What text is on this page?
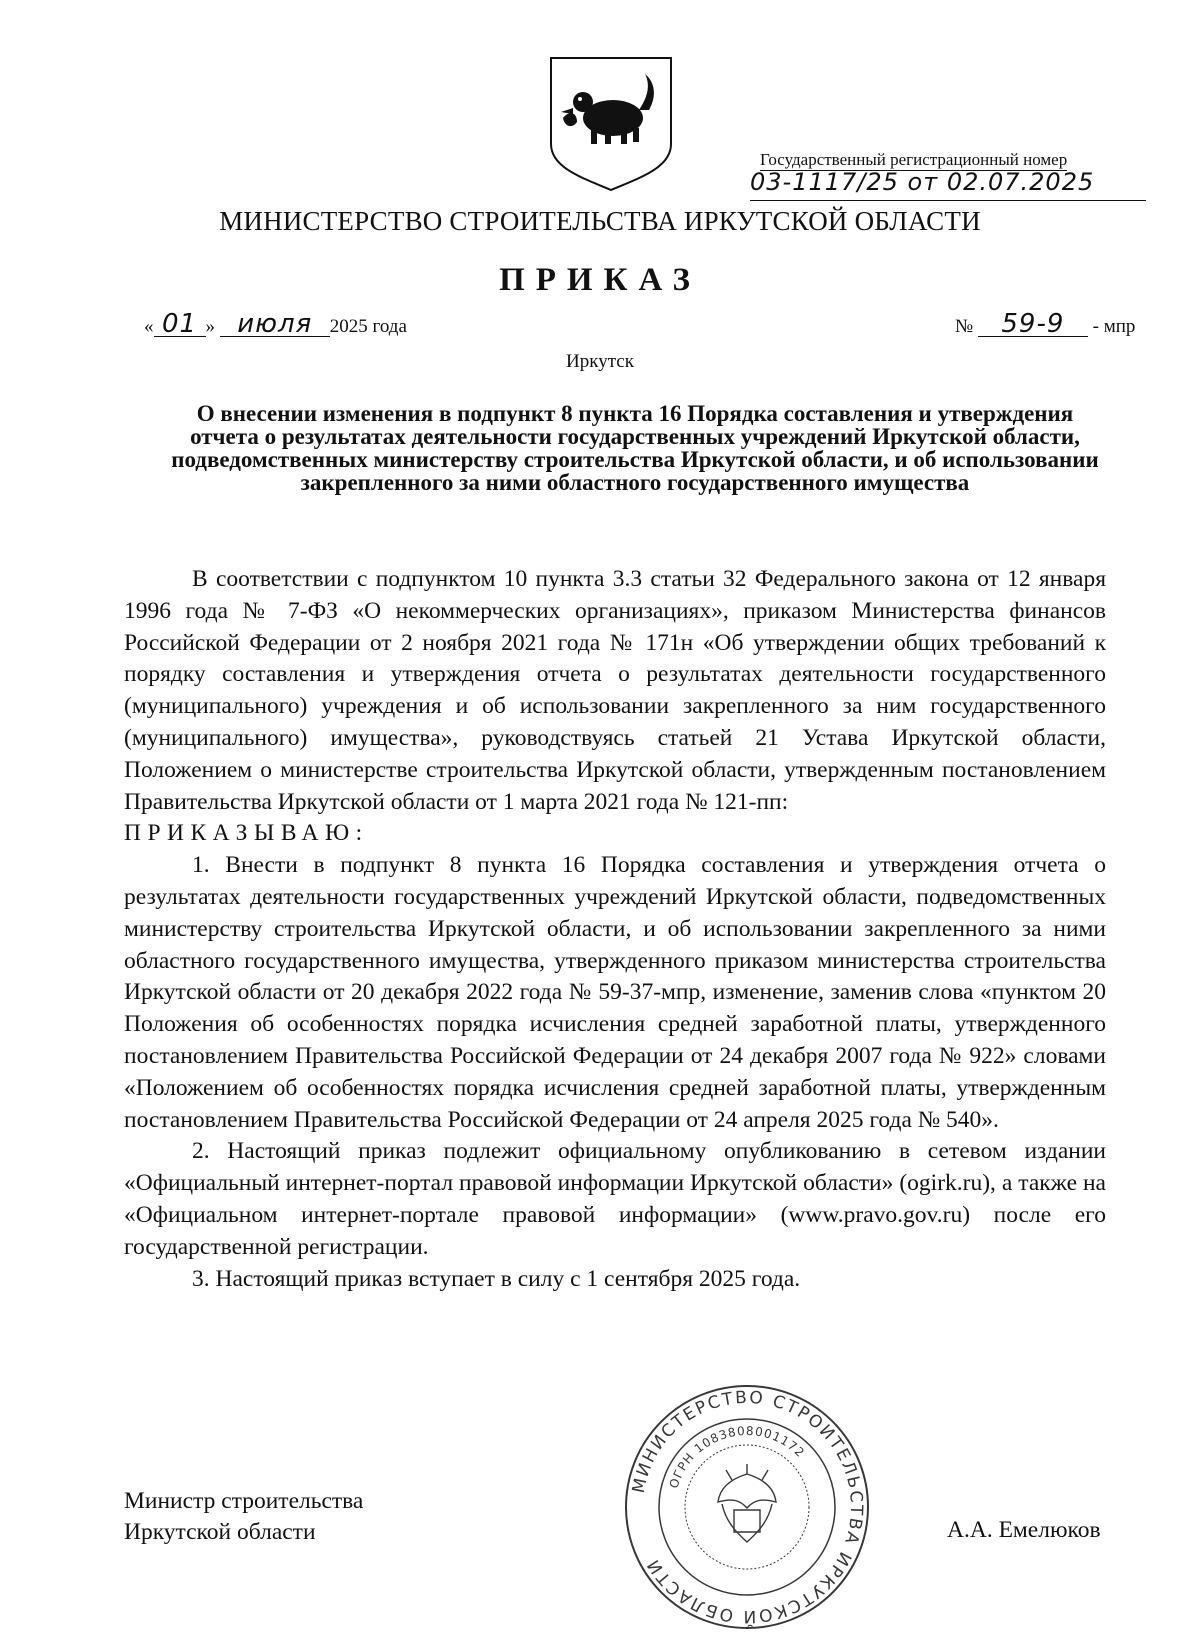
Государственный регистрационный номер
03-1117/25 от 02.07.2025
МИНИСТЕРСТВО СТРОИТЕЛЬСТВА ИРКУТСКОЙ ОБЛАСТИ
ПРИКАЗ
« 01 » июля 2025 года	№ 59-9 - мпр
Иркутск
О внесении изменения в подпункт 8 пункта 16 Порядка составления и утверждения отчета о результатах деятельности государственных учреждений Иркутской области, подведомственных министерству строительства Иркутской области, и об использовании закрепленного за ними областного государственного имущества

В соответствии с подпунктом 10 пункта 3.3 статьи 32 Федерального закона от 12 января 1996 года № 7-ФЗ «О некоммерческих организациях», приказом Министерства финансов Российской Федерации от 2 ноября 2021 года № 171н «Об утверждении общих требований к порядку составления и утверждения отчета о результатах деятельности государственного (муниципального) учреждения и об использовании закрепленного за ним государственного (муниципального) имущества», руководствуясь статьей 21 Устава Иркутской области, Положением о министерстве строительства Иркутской области, утвержденным постановлением Правительства Иркутской области от 1 марта 2021 года № 121-пп:

ПРИКАЗЫВАЮ:

1. Внести в подпункт 8 пункта 16 Порядка составления и утверждения отчета о результатах деятельности государственных учреждений Иркутской области, подведомственных министерству строительства Иркутской области, и об использовании закрепленного за ними областного государственного имущества, утвержденного приказом министерства строительства Иркутской области от 20 декабря 2022 года № 59-37-мпр, изменение, заменив слова «пунктом 20 Положения об особенностях порядка исчисления средней заработной платы, утвержденного постановлением Правительства Российской Федерации от 24 декабря 2007 года № 922» словами «Положением об особенностях порядка исчисления средней заработной платы, утвержденным постановлением Правительства Российской Федерации от 24 апреля 2025 года № 540».

2. Настоящий приказ подлежит официальному опубликованию в сетевом издании «Официальный интернет-портал правовой информации Иркутской области» (ogirk.ru), а также на «Официальном интернет-портале правовой информации» (www.pravo.gov.ru) после его государственной регистрации.

3. Настоящий приказ вступает в силу с 1 сентября 2025 года.

Министр строительства
Иркутской области	А.А. Емелюков
МИНИСТЕРСТВО СТРОИТЕЛЬСТВА ИРКУТСКОЙ ОБЛАСТИ
ОГРН 1083808001172
